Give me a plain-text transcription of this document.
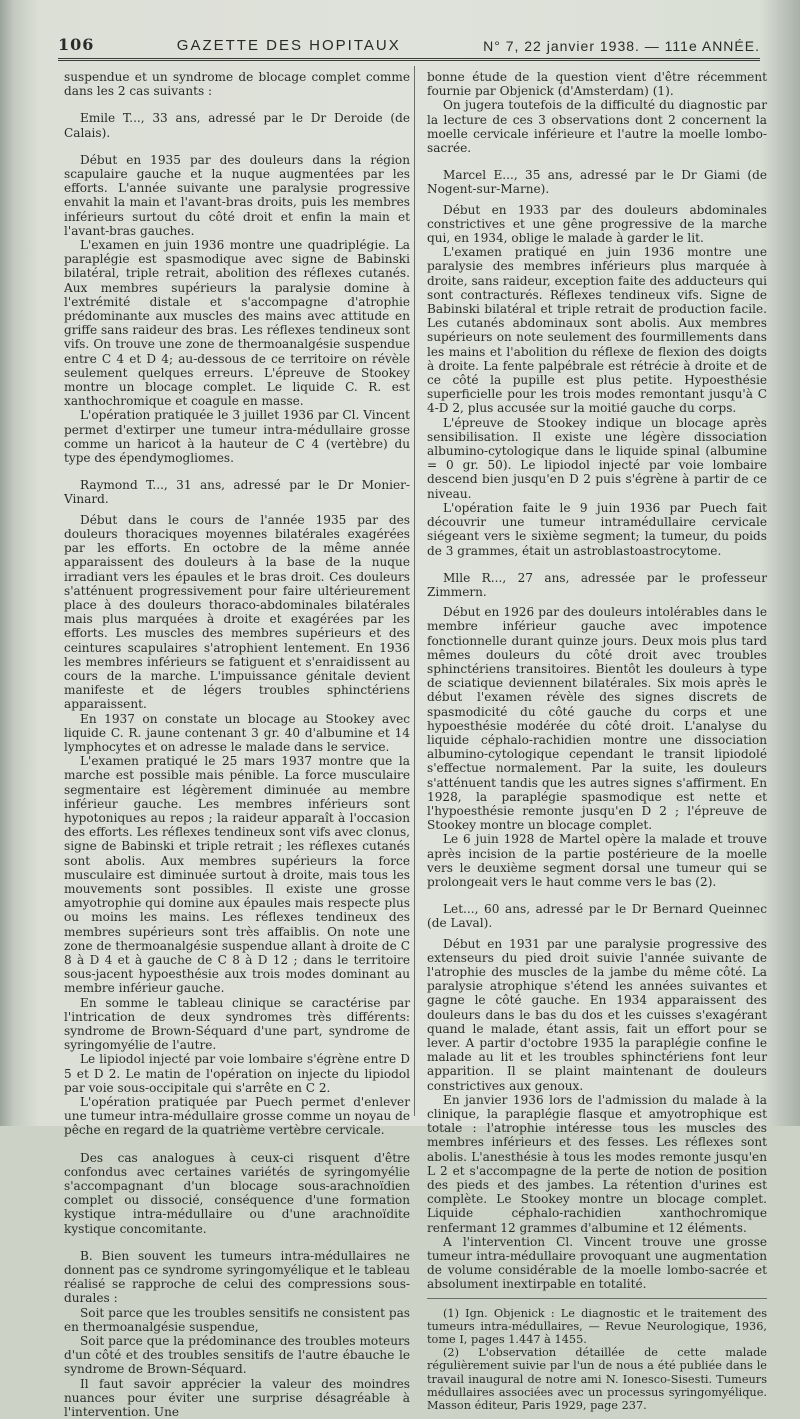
106	GAZETTE DES HOPITAUX	N° 7, 22 janvier 1938. — 111e ANNÉE.

suspendue et un syndrome de blocage complet comme dans les 2 cas suivants :

Emile T..., 33 ans, adressé par le Dr Deroide (de Calais).

Début en 1935 par des douleurs dans la région scapulaire gauche et la nuque augmentées par les efforts. L'année suivante une paralysie progressive envahit la main et l'avant-bras droits, puis les membres inférieurs surtout du côté droit et enfin la main et l'avant-bras gauches.

L'examen en juin 1936 montre une quadriplégie. La paraplégie est spasmodique avec signe de Babinski bilatéral, triple retrait, abolition des réflexes cutanés. Aux membres supérieurs la paralysie domine à l'extrémité distale et s'accompagne d'atrophie prédominante aux muscles des mains avec attitude en griffe sans raideur des bras. Les réflexes tendineux sont vifs. On trouve une zone de thermoanalgésie suspendue entre C 4 et D 4; au-dessous de ce territoire on révèle seulement quelques erreurs. L'épreuve de Stookey montre un blocage complet. Le liquide C. R. est xanthochromique et coagule en masse.

L'opération pratiquée le 3 juillet 1936 par Cl. Vincent permet d'extirper une tumeur intra-médullaire grosse comme un haricot à la hauteur de C 4 (vertèbre) du type des épendymogliomes.

Raymond T..., 31 ans, adressé par le Dr Monier-Vinard.

Début dans le cours de l'année 1935 par des douleurs thoraciques moyennes bilatérales exagérées par les efforts. En octobre de la même année apparaissent des douleurs à la base de la nuque irradiant vers les épaules et le bras droit. Ces douleurs s'atténuent progressivement pour faire ultérieurement place à des douleurs thoraco-abdominales bilatérales mais plus marquées à droite et exagérées par les efforts. Les muscles des membres supérieurs et des ceintures scapulaires s'atrophient lentement. En 1936 les membres inférieurs se fatiguent et s'enraidissent au cours de la marche. L'impuissance génitale devient manifeste et de légers troubles sphinctériens apparaissent.

En 1937 on constate un blocage au Stookey avec liquide C. R. jaune contenant 3 gr. 40 d'albumine et 14 lymphocytes et on adresse le malade dans le service.

L'examen pratiqué le 25 mars 1937 montre que la marche est possible mais pénible. La force musculaire segmentaire est légèrement diminuée au membre inférieur gauche. Les membres inférieurs sont hypotoniques au repos ; la raideur apparaît à l'occasion des efforts. Les réflexes tendineux sont vifs avec clonus, signe de Babinski et triple retrait ; les réflexes cutanés sont abolis. Aux membres supérieurs la force musculaire est diminuée surtout à droite, mais tous les mouvements sont possibles. Il existe une grosse amyotrophie qui domine aux épaules mais respecte plus ou moins les mains. Les réflexes tendineux des membres supérieurs sont très affaiblis. On note une zone de thermoanalgésie suspendue allant à droite de C 8 à D 4 et à gauche de C 8 à D 12 ; dans le territoire sous-jacent hypoesthésie aux trois modes dominant au membre inférieur gauche.

En somme le tableau clinique se caractérise par l'intrication de deux syndromes très différents: syndrome de Brown-Séquard d'une part, syndrome de syringomyélie de l'autre.

Le lipiodol injecté par voie lombaire s'égrène entre D 5 et D 2. Le matin de l'opération on injecte du lipiodol par voie sous-occipitale qui s'arrête en C 2.

L'opération pratiquée par Puech permet d'enlever une tumeur intra-médullaire grosse comme un noyau de pêche en regard de la quatrième vertèbre cervicale.

Des cas analogues à ceux-ci risquent d'être confondus avec certaines variétés de syringomyélie s'accompagnant d'un blocage sous-arachnoïdien complet ou dissocié, conséquence d'une formation kystique intra-médullaire ou d'une arachnoïdite kystique concomitante.

B. Bien souvent les tumeurs intra-médullaires ne donnent pas ce syndrome syringomyélique et le tableau réalisé se rapproche de celui des compressions sous-durales :

Soit parce que les troubles sensitifs ne consistent pas en thermoanalgésie suspendue,

Soit parce que la prédominance des troubles moteurs d'un côté et des troubles sensitifs de l'autre ébauche le syndrome de Brown-Séquard.

Il faut savoir apprécier la valeur des moindres nuances pour éviter une surprise désagréable à l'intervention. Une

bonne étude de la question vient d'être récemment fournie par Objenick (d'Amsterdam) (1).

On jugera toutefois de la difficulté du diagnostic par la lecture de ces 3 observations dont 2 concernent la moelle cervicale inférieure et l'autre la moelle lombo-sacrée.

Marcel E..., 35 ans, adressé par le Dr Giami (de Nogent-sur-Marne).

Début en 1933 par des douleurs abdominales constrictives et une gêne progressive de la marche qui, en 1934, oblige le malade à garder le lit.

L'examen pratiqué en juin 1936 montre une paralysie des membres inférieurs plus marquée à droite, sans raideur, exception faite des adducteurs qui sont contracturés. Réflexes tendineux vifs. Signe de Babinski bilatéral et triple retrait de production facile. Les cutanés abdominaux sont abolis. Aux membres supérieurs on note seulement des fourmillements dans les mains et l'abolition du réflexe de flexion des doigts à droite. La fente palpébrale est rétrécie à droite et de ce côté la pupille est plus petite. Hypoesthésie superficielle pour les trois modes remontant jusqu'à C 4-D 2, plus accusée sur la moitié gauche du corps.

L'épreuve de Stookey indique un blocage après sensibilisation. Il existe une légère dissociation albumino-cytologique dans le liquide spinal (albumine = 0 gr. 50). Le lipiodol injecté par voie lombaire descend bien jusqu'en D 2 puis s'égrène à partir de ce niveau.

L'opération faite le 9 juin 1936 par Puech fait découvrir une tumeur intramédullaire cervicale siégeant vers le sixième segment; la tumeur, du poids de 3 grammes, était un astroblastoastrocytome.

Mlle R..., 27 ans, adressée par le professeur Zimmern.

Début en 1926 par des douleurs intolérables dans le membre inférieur gauche avec impotence fonctionnelle durant quinze jours. Deux mois plus tard mêmes douleurs du côté droit avec troubles sphinctériens transitoires. Bientôt les douleurs à type de sciatique deviennent bilatérales. Six mois après le début l'examen révèle des signes discrets de spasmodicité du côté gauche du corps et une hypoesthésie modérée du côté droit. L'analyse du liquide céphalo-rachidien montre une dissociation albumino-cytologique cependant le transit lipiodolé s'effectue normalement. Par la suite, les douleurs s'atténuent tandis que les autres signes s'affirment. En 1928, la paraplégie spasmodique est nette et l'hypoesthésie remonte jusqu'en D 2 ; l'épreuve de Stookey montre un blocage complet.

Le 6 juin 1928 de Martel opère la malade et trouve après incision de la partie postérieure de la moelle vers le deuxième segment dorsal une tumeur qui se prolongeait vers le haut comme vers le bas (2).

Let..., 60 ans, adressé par le Dr Bernard Queinnec (de Laval).

Début en 1931 par une paralysie progressive des extenseurs du pied droit suivie l'année suivante de l'atrophie des muscles de la jambe du même côté. La paralysie atrophique s'étend les années suivantes et gagne le côté gauche. En 1934 apparaissent des douleurs dans le bas du dos et les cuisses s'exagérant quand le malade, étant assis, fait un effort pour se lever. A partir d'octobre 1935 la paraplégie confine le malade au lit et les troubles sphinctériens font leur apparition. Il se plaint maintenant de douleurs constrictives aux genoux.

En janvier 1936 lors de l'admission du malade à la clinique, la paraplégie flasque et amyotrophique est totale : l'atrophie intéresse tous les muscles des membres inférieurs et des fesses. Les réflexes sont abolis. L'anesthésie à tous les modes remonte jusqu'en L 2 et s'accompagne de la perte de notion de position des pieds et des jambes. La rétention d'urines est complète. Le Stookey montre un blocage complet. Liquide céphalo-rachidien xanthochromique renfermant 12 grammes d'albumine et 12 éléments.

A l'intervention Cl. Vincent trouve une grosse tumeur intra-médullaire provoquant une augmentation de volume considérable de la moelle lombo-sacrée et absolument inextirpable en totalité.

(1) Ign. Objenick : Le diagnostic et le traitement des tumeurs intra-médullaires, — Revue Neurologique, 1936, tome I, pages 1.447 à 1455.

(2) L'observation détaillée de cette malade régulièrement suivie par l'un de nous a été publiée dans le travail inaugural de notre ami N. Ionesco-Sisesti. Tumeurs médullaires associées avec un processus syringomyélique. Masson éditeur, Paris 1929, page 237.
